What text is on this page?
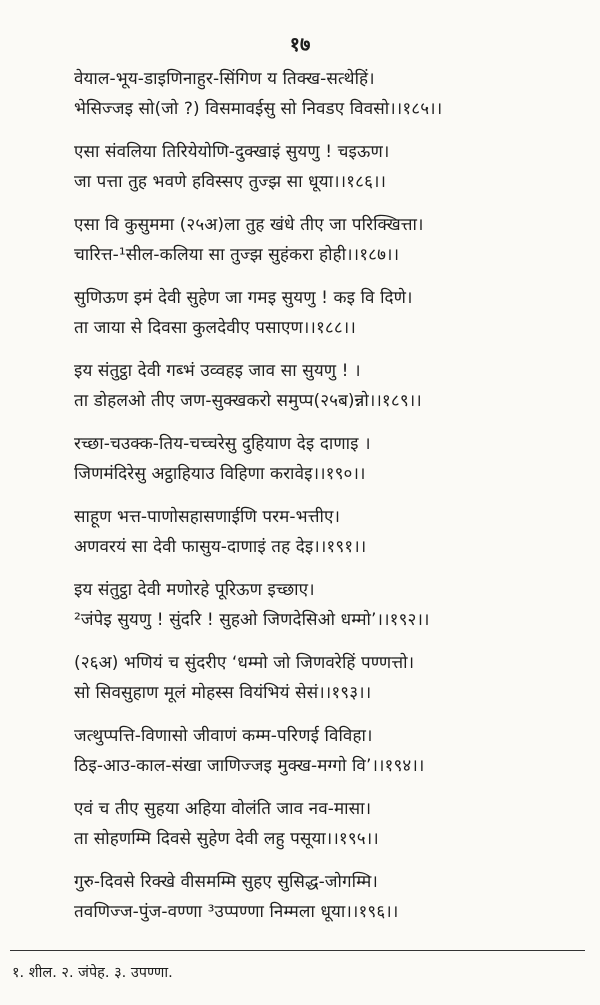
१७
वेयाल-भूय-डाइणिनाहुर-सिंगिण य तिक्ख-सत्थेहिं।
भेसिज्जइ सो(जो ?) विसमावईसु सो निवडए विवसो।।१८५।।
एसा संवलिया तिरियेयोणि-दुक्खाइं सुयणु ! चइऊण।
जा पत्ता तुह भवणे हविस्सए तुज्झ सा धूया।।१८६।।
एसा वि कुसुममा (२५अ)ला तुह खंधे तीए जा परिक्खित्ता।
चारित्त-¹सील-कलिया सा तुज्झ सुहंकरा होही।।१८७।।
सुणिऊण इमं देवी सुहेण जा गमइ सुयणु ! कइ वि दिणे।
ता जाया से दिवसा कुलदेवीए पसाएण।।१८८।।
इय संतुट्ठा देवी गब्भं उव्वहइ जाव सा सुयणु ! ।
ता डोहलओ तीए जण-सुक्खकरो समुप्प(२५ब)न्नो।।१८९।।
रच्छा-चउक्क-तिय-चच्चरेसु दुहियाण देइ दाणाइ ।
जिणमंदिरेसु अट्ठाहियाउ विहिणा करावेइ।।१९०।।
साहूण भत्त-पाणोसहासणाईणि परम-भत्तीए।
अणवरयं सा देवी फासुय-दाणाइं तह देइ।।१९१।।
इय संतुट्ठा देवी मणोरहे पूरिऊण इच्छाए।
²जंपेइ सुयणु ! सुंदरि ! सुहओ जिणदेसिओ धम्मो’।।१९२।।
(२६अ) भणियं च सुंदरीए ‘धम्मो जो जिणवरेहिं पण्णत्तो।
सो सिवसुहाण मूलं मोहस्स वियंभियं सेसं।।१९३।।
जत्थुप्पत्ति-विणासो जीवाणं कम्म-परिणई विविहा।
ठिइ-आउ-काल-संखा जाणिज्जइ मुक्ख-मग्गो वि’।।१९४।।
एवं च तीए सुहया अहिया वोलंति जाव नव-मासा।
ता सोहणम्मि दिवसे सुहेण देवी लहु पसूया।।१९५।।
गुरु-दिवसे रिक्खे वीसमम्मि सुहए सुसिद्ध-जोगम्मि।
तवणिज्ज-पुंज-वण्णा ³उप्पण्णा निम्मला धूया।।१९६।।
१. शील. २. जंपेह. ३. उपण्णा.
